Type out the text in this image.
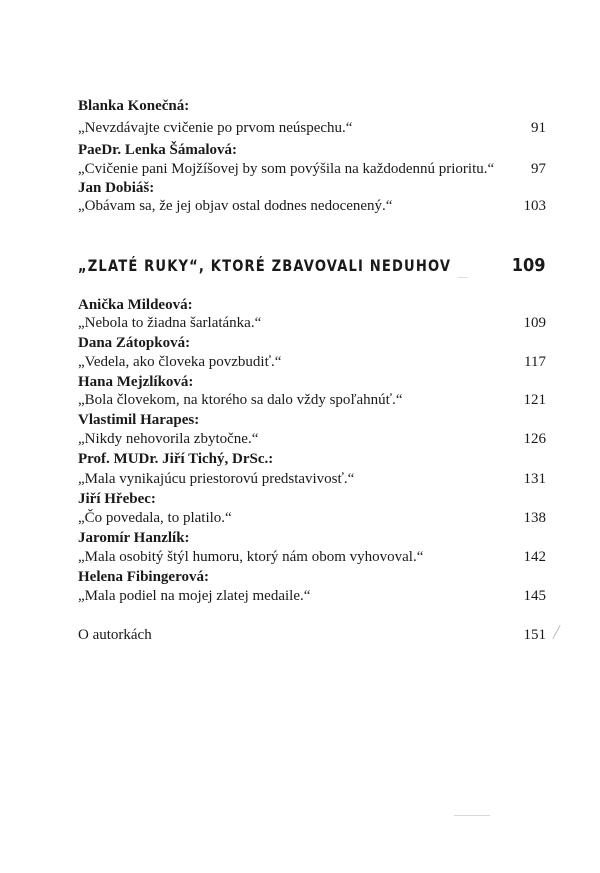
Blanka Konečná:
„Nevzdávajte cvičenie po prvom neúspechu.“	91
PaeDr. Lenka Šámalová:
„Cvičenie pani Mojžíšovej by som povýšila na každodennú prioritu.“	97
Jan Dobiáš:
„Obávam sa, že jej objav ostal dodnes nedocenený.“	103
„ZLATÉ RUKY“, KTORÉ ZBAVOVALI NEDUHOV	109
Anička Mildeová:
„Nebola to žiadna šarlatánka.“	109
Dana Zátopková:
„Vedela, ako človeka povzbudiť.“	117
Hana Mejzlíková:
„Bola človekom, na ktorého sa dalo vždy spoľahnúť.“	121
Vlastimil Harapes:
„Nikdy nehovorila zbytočne.“	126
Prof. MUDr. Jiří Tichý, DrSc.:
„Mala vynikajúcu priestorovú predstavivosť.“	131
Jiří Hřebec:
„Čo povedala, to platilo.“	138
Jaromír Hanzlík:
„Mala osobitý štýl humoru, ktorý nám obom vyhovoval.“	142
Helena Fibingerová:
„Mala podiel na mojej zlatej medaile.“	145
O autorkách	151
